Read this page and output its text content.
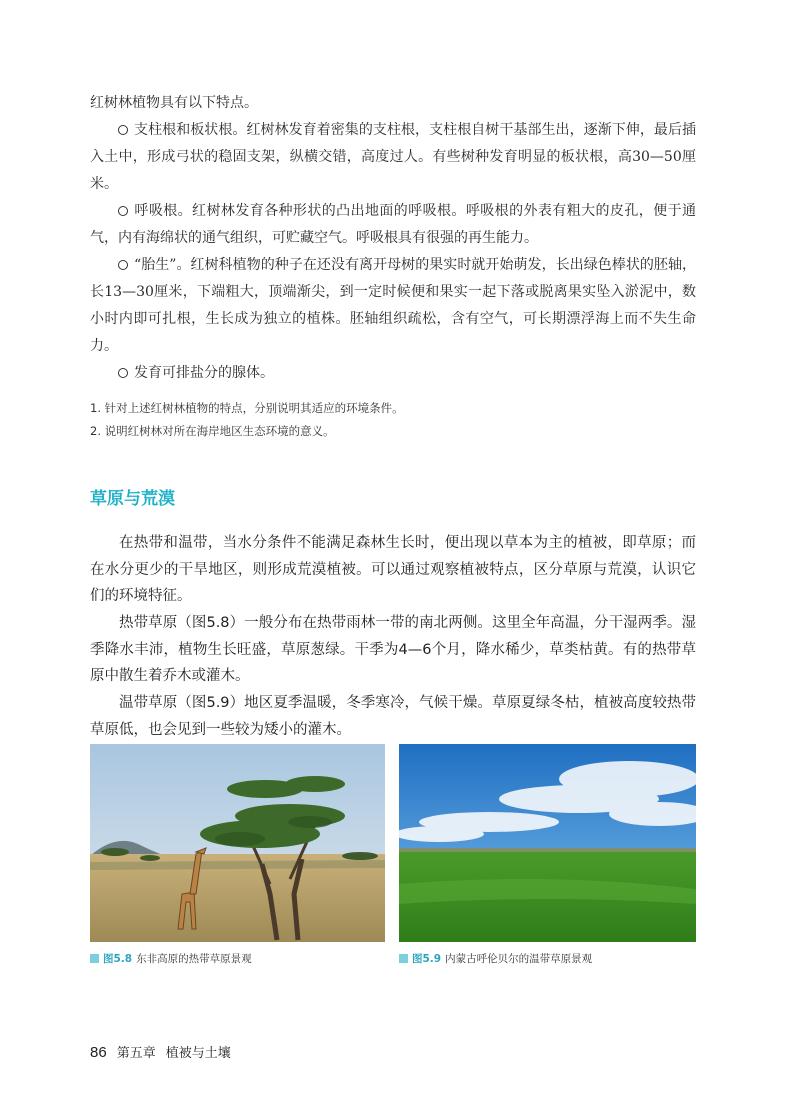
红树林植物具有以下特点。
支柱根和板状根。红树林发育着密集的支柱根，支柱根自树干基部生出，逐渐下伸，最后插入土中，形成弓状的稳固支架，纵横交错，高度过人。有些树种发育明显的板状根，高30—50厘米。
呼吸根。红树林发育各种形状的凸出地面的呼吸根。呼吸根的外表有粗大的皮孔，便于通气，内有海绵状的通气组织，可贮藏空气。呼吸根具有很强的再生能力。
“胎生”。红树科植物的种子在还没有离开母树的果实时就开始萌发，长出绿色棒状的胚轴，长13—30厘米，下端粗大，顶端渐尖，到一定时候便和果实一起下落或脱离果实坠入淤泥中，数小时内即可扎根，生长成为独立的植株。胚轴组织疏松，含有空气，可长期漂浮海上而不失生命力。
发育可排盐分的腺体。
1. 针对上述红树林植物的特点，分别说明其适应的环境条件。
2. 说明红树林对所在海岸地区生态环境的意义。
草原与荒漠
在热带和温带，当水分条件不能满足森林生长时，便出现以草本为主的植被，即草原；而在水分更少的干旱地区，则形成荒漠植被。可以通过观察植被特点，区分草原与荒漠，认识它们的环境特征。
热带草原（图5.8）一般分布在热带雨林一带的南北两侧。这里全年高温，分干湿两季。湿季降水丰沛，植物生长旺盛，草原葱绿。干季为4—6个月，降水稀少，草类枯黄。有的热带草原中散生着乔木或灌木。
温带草原（图5.9）地区夏季温暖，冬季寒冷，气候干燥。草原夏绿冬枯，植被高度较热带草原低，也会见到一些较为矮小的灌木。
图5.8 东非高原的热带草原景观	图5.9 内蒙古呼伦贝尔的温带草原景观
86 第五章 植被与土壤
